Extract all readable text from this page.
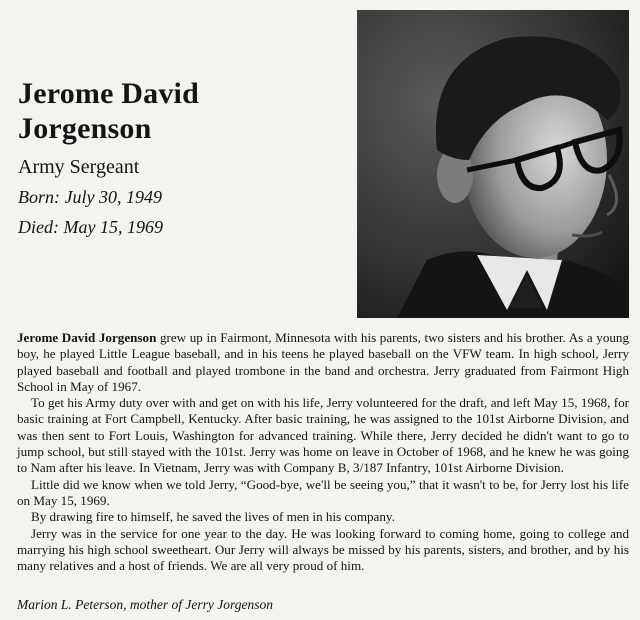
Jerome David
Jorgenson
Army Sergeant
Born: July 30, 1949
Died: May 15, 1969

Jerome David Jorgenson grew up in Fairmont, Minnesota with his parents, two sisters and his brother. As a young boy, he played Little League baseball, and in his teens he played baseball on the VFW team. In high school, Jerry played baseball and football and played trombone in the band and orchestra. Jerry graduated from Fairmont High School in May of 1967.

To get his Army duty over with and get on with his life, Jerry volunteered for the draft, and left May 15, 1968, for basic training at Fort Campbell, Kentucky. After basic training, he was assigned to the 101st Airborne Division, and was then sent to Fort Louis, Washington for advanced training. While there, Jerry decided he didn't want to go to jump school, but still stayed with the 101st. Jerry was home on leave in October of 1968, and he knew he was going to Nam after his leave. In Vietnam, Jerry was with Company B, 3/187 Infantry, 101st Airborne Division.

Little did we know when we told Jerry, “Good-bye, we'll be seeing you,” that it wasn't to be, for Jerry lost his life on May 15, 1969.

By drawing fire to himself, he saved the lives of men in his company.

Jerry was in the service for one year to the day. He was looking forward to coming home, going to college and marrying his high school sweetheart. Our Jerry will always be missed by his parents, sisters, and brother, and by his many relatives and a host of friends. We are all very proud of him.

Marion L. Peterson, mother of Jerry Jorgenson
